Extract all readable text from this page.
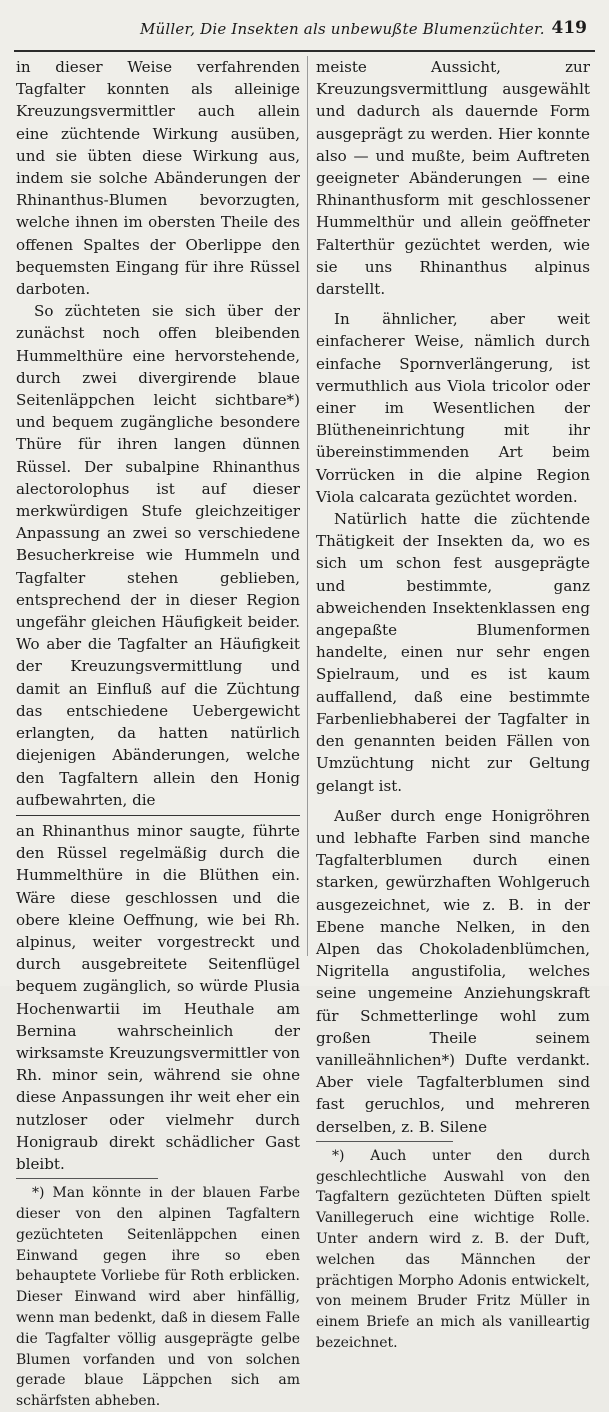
Müller, Die Insekten als unbewußte Blumenzüchter. 419

in dieser Weise verfahrenden Tagfalter konnten als alleinige Kreuzungsvermittler auch allein eine züchtende Wirkung ausüben, und sie übten diese Wirkung aus, indem sie solche Abänderungen der Rhinanthus-Blumen bevorzugten, welche ihnen im obersten Theile des offenen Spaltes der Oberlippe den bequemsten Eingang für ihre Rüssel darboten.

So züchteten sie sich über der zunächst noch offen bleibenden Hummelthüre eine hervorstehende, durch zwei divergirende blaue Seitenläppchen leicht sichtbare*) und bequem zugängliche besondere Thüre für ihren langen dünnen Rüssel. Der subalpine Rhinanthus alectorolophus ist auf dieser merkwürdigen Stufe gleichzeitiger Anpassung an zwei so verschiedene Besucherkreise wie Hummeln und Tagfalter stehen geblieben, entsprechend der in dieser Region ungefähr gleichen Häufigkeit beider. Wo aber die Tagfalter an Häufigkeit der Kreuzungsvermittlung und damit an Einfluß auf die Züchtung das entschiedene Uebergewicht erlangten, da hatten natürlich diejenigen Abänderungen, welche den Tagfaltern allein den Honig aufbewahrten, die

an Rhinanthus minor saugte, führte den Rüssel regelmäßig durch die Hummelthüre in die Blüthen ein. Wäre diese geschlossen und die obere kleine Oeffnung, wie bei Rh. alpinus, weiter vorgestreckt und durch ausgebreitete Seitenflügel bequem zugänglich, so würde Plusia Hochenwartii im Heuthale am Bernina wahrscheinlich der wirksamste Kreuzungsvermittler von Rh. minor sein, während sie ohne diese Anpassungen ihr weit eher ein nutzloser oder vielmehr durch Honigraub direkt schädlicher Gast bleibt.

*) Man könnte in der blauen Farbe dieser von den alpinen Tagfaltern gezüchteten Seitenläppchen einen Einwand gegen ihre so eben behauptete Vorliebe für Roth erblicken. Dieser Einwand wird aber hinfällig, wenn man bedenkt, daß in diesem Falle die Tagfalter völlig ausgeprägte gelbe Blumen vorfanden und von solchen gerade blaue Läppchen sich am schärfsten abheben.

meiste Aussicht, zur Kreuzungsvermittlung ausgewählt und dadurch als dauernde Form ausgeprägt zu werden. Hier konnte also — und mußte, beim Auftreten geeigneter Abänderungen — eine Rhinanthusform mit geschlossener Hummelthür und allein geöffneter Falterthür gezüchtet werden, wie sie uns Rhinanthus alpinus darstellt.

In ähnlicher, aber weit einfacherer Weise, nämlich durch einfache Spornverlängerung, ist vermuthlich aus Viola tricolor oder einer im Wesentlichen der Blütheneinrichtung mit ihr übereinstimmenden Art beim Vorrücken in die alpine Region Viola calcarata gezüchtet worden.

Natürlich hatte die züchtende Thätigkeit der Insekten da, wo es sich um schon fest ausgeprägte und bestimmte, ganz abweichenden Insektenklassen eng angepaßte Blumenformen handelte, einen nur sehr engen Spielraum, und es ist kaum auffallend, daß eine bestimmte Farbenliebhaberei der Tagfalter in den genannten beiden Fällen von Umzüchtung nicht zur Geltung gelangt ist.

Außer durch enge Honigröhren und lebhafte Farben sind manche Tagfalterblumen durch einen starken, gewürzhaften Wohlgeruch ausgezeichnet, wie z. B. in der Ebene manche Nelken, in den Alpen das Chokoladenblümchen, Nigritella angustifolia, welches seine ungemeine Anziehungskraft für Schmetterlinge wohl zum großen Theile seinem vanilleähnlichen*) Dufte verdankt. Aber viele Tagfalterblumen sind fast geruchlos, und mehreren derselben, z. B. Silene

*) Auch unter den durch geschlechtliche Auswahl von den Tagfaltern gezüchteten Düften spielt Vanillegeruch eine wichtige Rolle. Unter andern wird z. B. der Duft, welchen das Männchen der prächtigen Morpho Adonis entwickelt, von meinem Bruder Fritz Müller in einem Briefe an mich als vanilleartig bezeichnet.
